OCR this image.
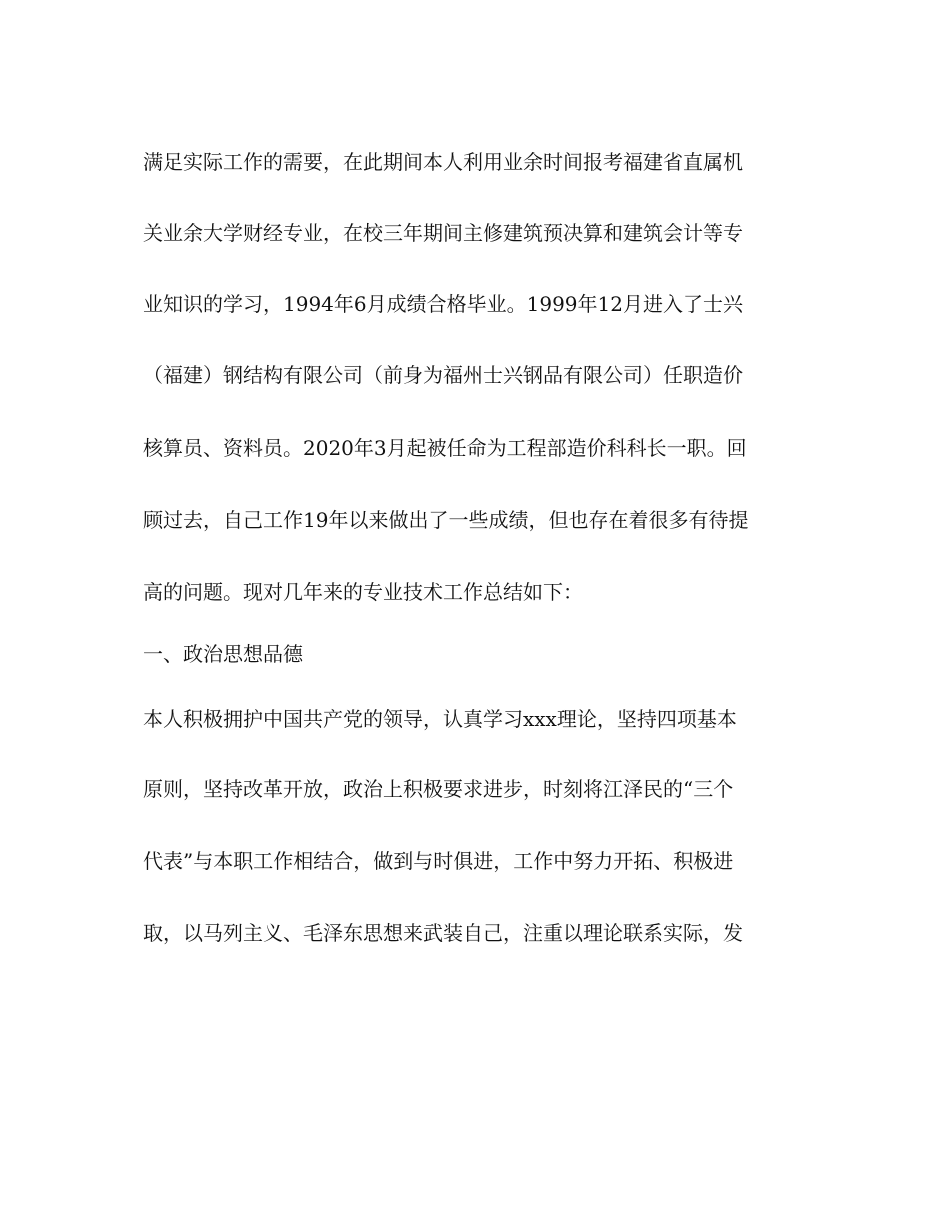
满足实际工作的需要，在此期间本人利用业余时间报考福建省直属机
关业余大学财经专业，在校三年期间主修建筑预决算和建筑会计等专
业知识的学习，1994年6月成绩合格毕业。1999年12月进入了士兴
（福建）钢结构有限公司（前身为福州士兴钢品有限公司）任职造价
核算员、资料员。2020年3月起被任命为工程部造价科科长一职。回
顾过去，自己工作19年以来做出了一些成绩，但也存在着很多有待提
高的问题。现对几年来的专业技术工作总结如下：
一、政治思想品德
本人积极拥护中国共产党的领导，认真学习xxx理论，坚持四项基本
原则，坚持改革开放，政治上积极要求进步，时刻将江泽民的“三个
代表”与本职工作相结合，做到与时俱进，工作中努力开拓、积极进
取，以马列主义、毛泽东思想来武装自己，注重以理论联系实际，发
